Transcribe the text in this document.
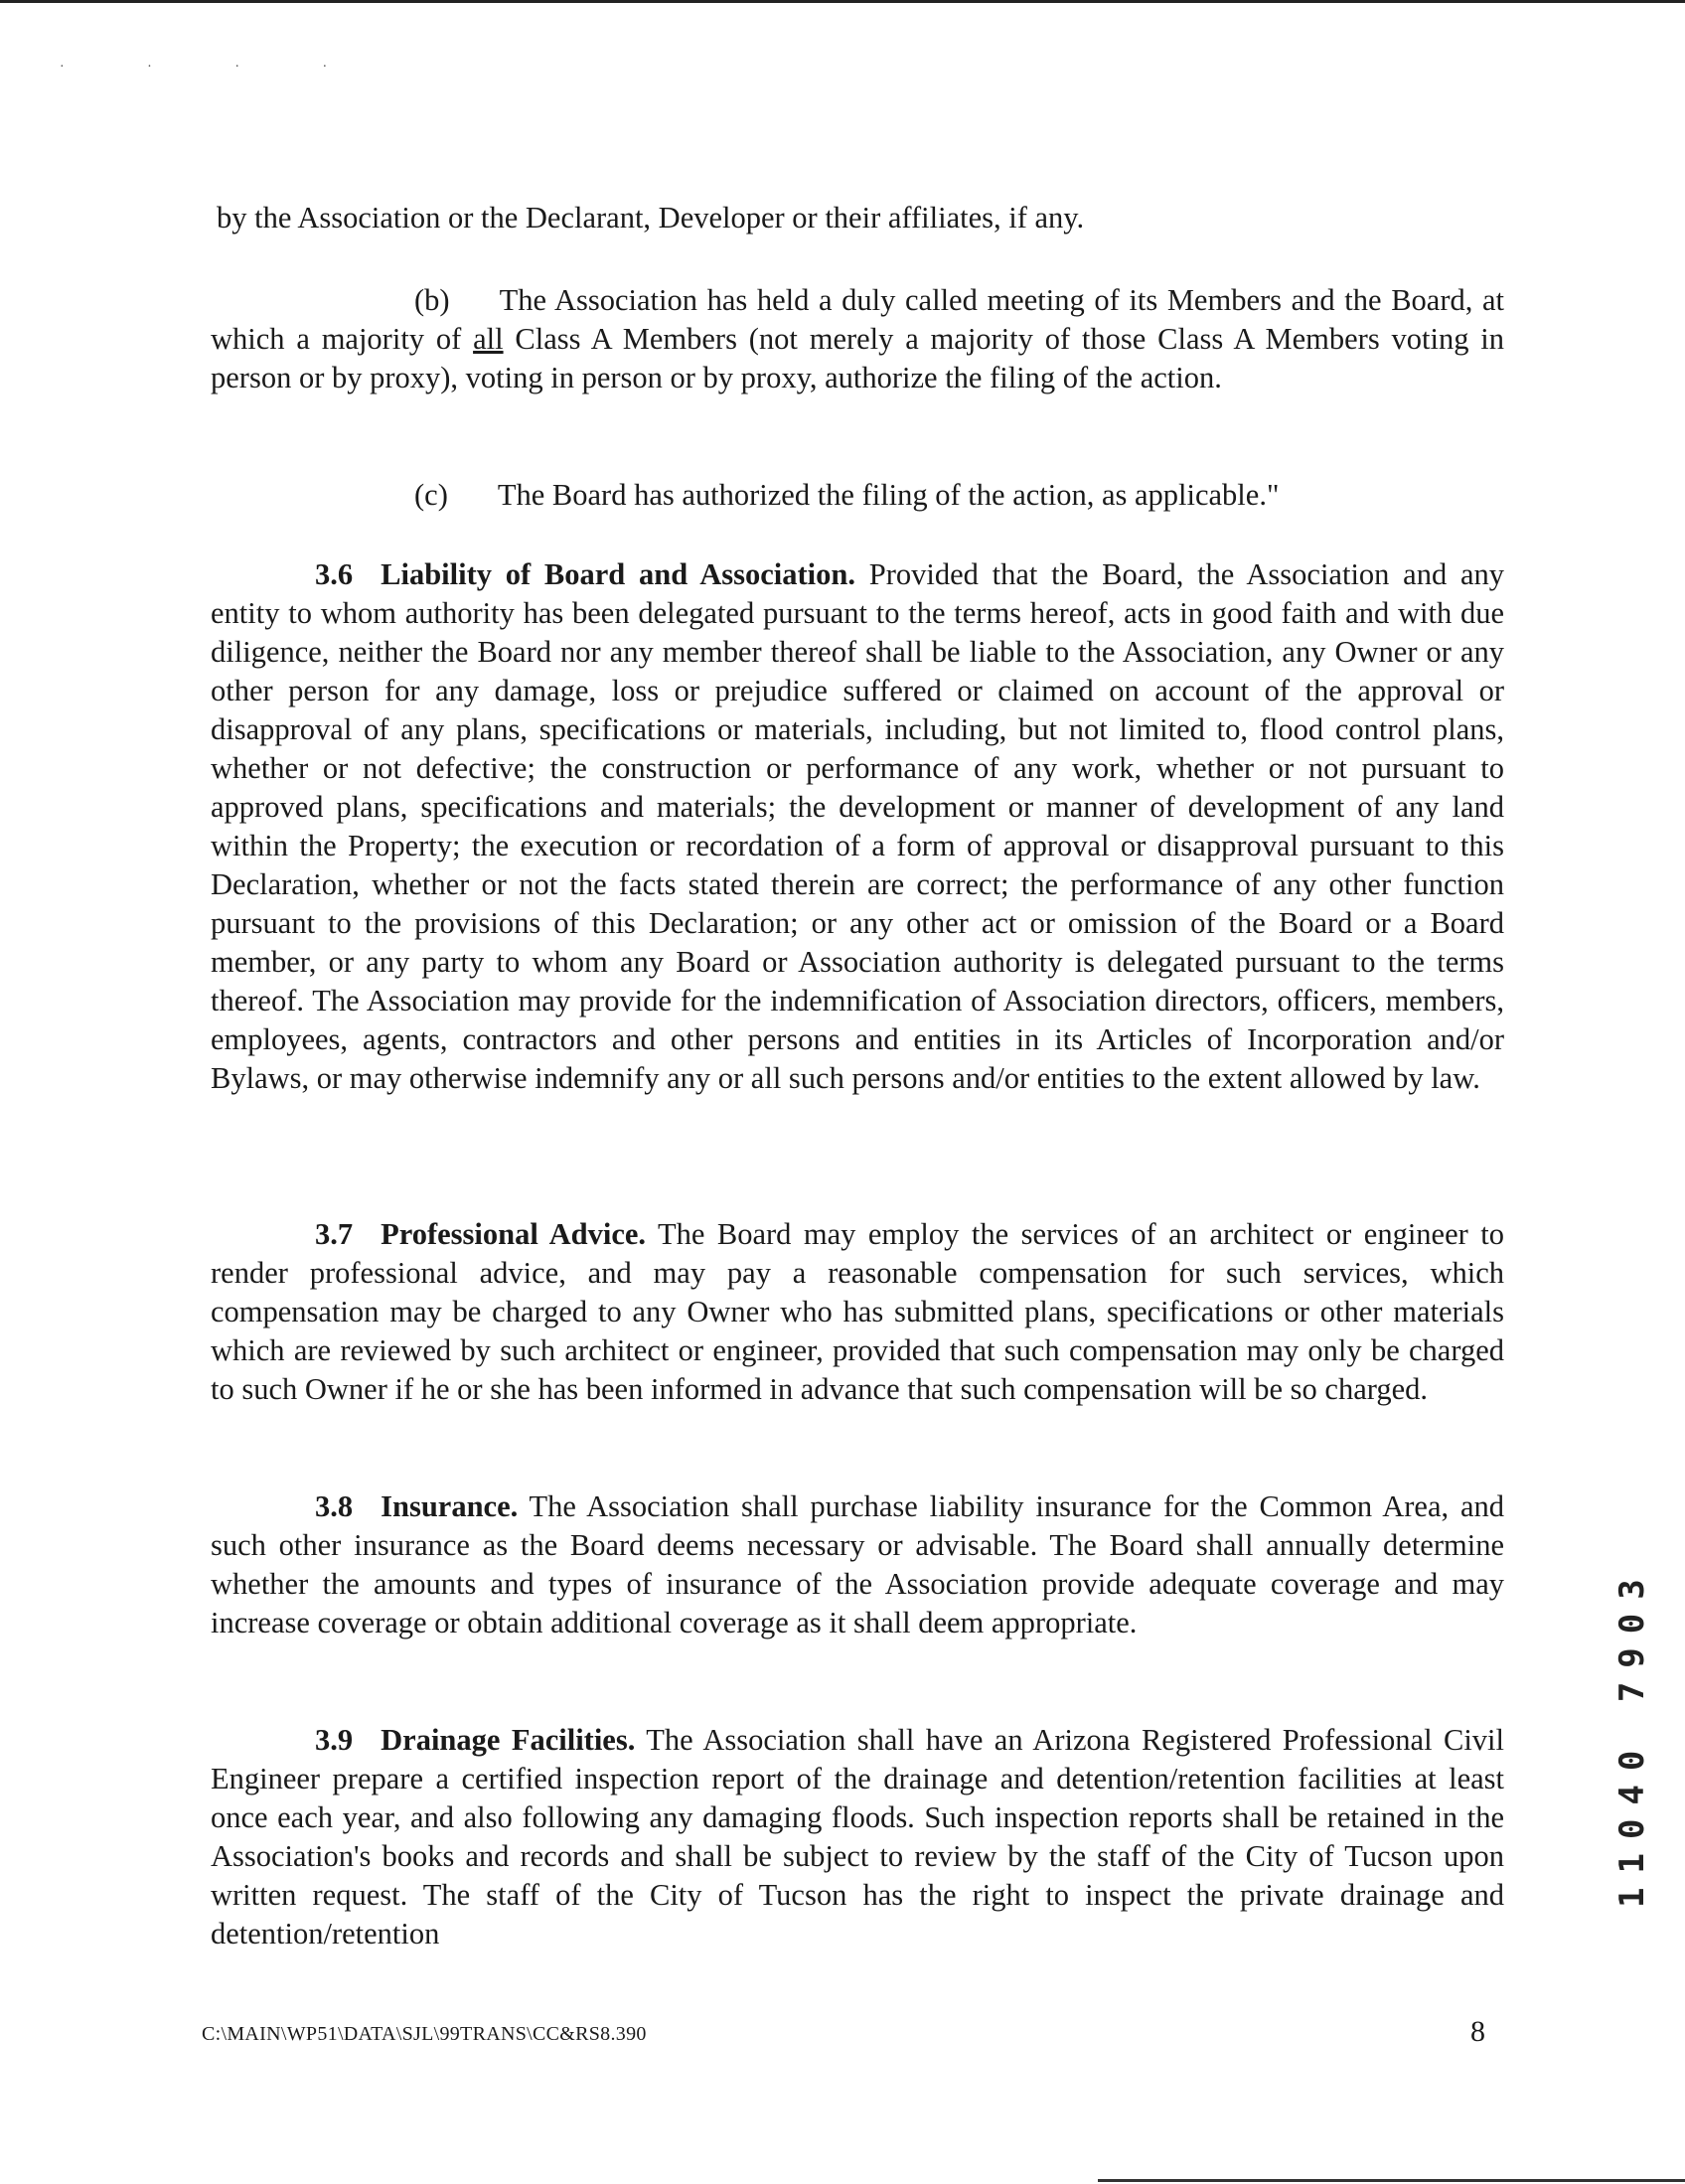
· · · ·

by the Association or the Declarant, Developer or their affiliates, if any.

(b) The Association has held a duly called meeting of its Members and the Board, at which a majority of all Class A Members (not merely a majority of those Class A Members voting in person or by proxy), voting in person or by proxy, authorize the filing of the action.

(c) The Board has authorized the filing of the action, as applicable."

3.6 Liability of Board and Association. Provided that the Board, the Association and any entity to whom authority has been delegated pursuant to the terms hereof, acts in good faith and with due diligence, neither the Board nor any member thereof shall be liable to the Association, any Owner or any other person for any damage, loss or prejudice suffered or claimed on account of the approval or disapproval of any plans, specifications or materials, including, but not limited to, flood control plans, whether or not defective; the construction or performance of any work, whether or not pursuant to approved plans, specifications and materials; the development or manner of development of any land within the Property; the execution or recordation of a form of approval or disapproval pursuant to this Declaration, whether or not the facts stated therein are correct; the performance of any other function pursuant to the provisions of this Declaration; or any other act or omission of the Board or a Board member, or any party to whom any Board or Association authority is delegated pursuant to the terms thereof. The Association may provide for the indemnification of Association directors, officers, members, employees, agents, contractors and other persons and entities in its Articles of Incorporation and/or Bylaws, or may otherwise indemnify any or all such persons and/or entities to the extent allowed by law.

3.7 Professional Advice. The Board may employ the services of an architect or engineer to render professional advice, and may pay a reasonable compensation for such services, which compensation may be charged to any Owner who has submitted plans, specifications or other materials which are reviewed by such architect or engineer, provided that such compensation may only be charged to such Owner if he or she has been informed in advance that such compensation will be so charged.

3.8 Insurance. The Association shall purchase liability insurance for the Common Area, and such other insurance as the Board deems necessary or advisable. The Board shall annually determine whether the amounts and types of insurance of the Association provide adequate coverage and may increase coverage or obtain additional coverage as it shall deem appropriate.

3.9 Drainage Facilities. The Association shall have an Arizona Registered Professional Civil Engineer prepare a certified inspection report of the drainage and detention/retention facilities at least once each year, and also following any damaging floods. Such inspection reports shall be retained in the Association's books and records and shall be subject to review by the staff of the City of Tucson upon written request. The staff of the City of Tucson has the right to inspect the private drainage and detention/retention

C:\MAIN\WP51\DATA\SJL\99TRANS\CC&RS8.390	8
11040 7903
